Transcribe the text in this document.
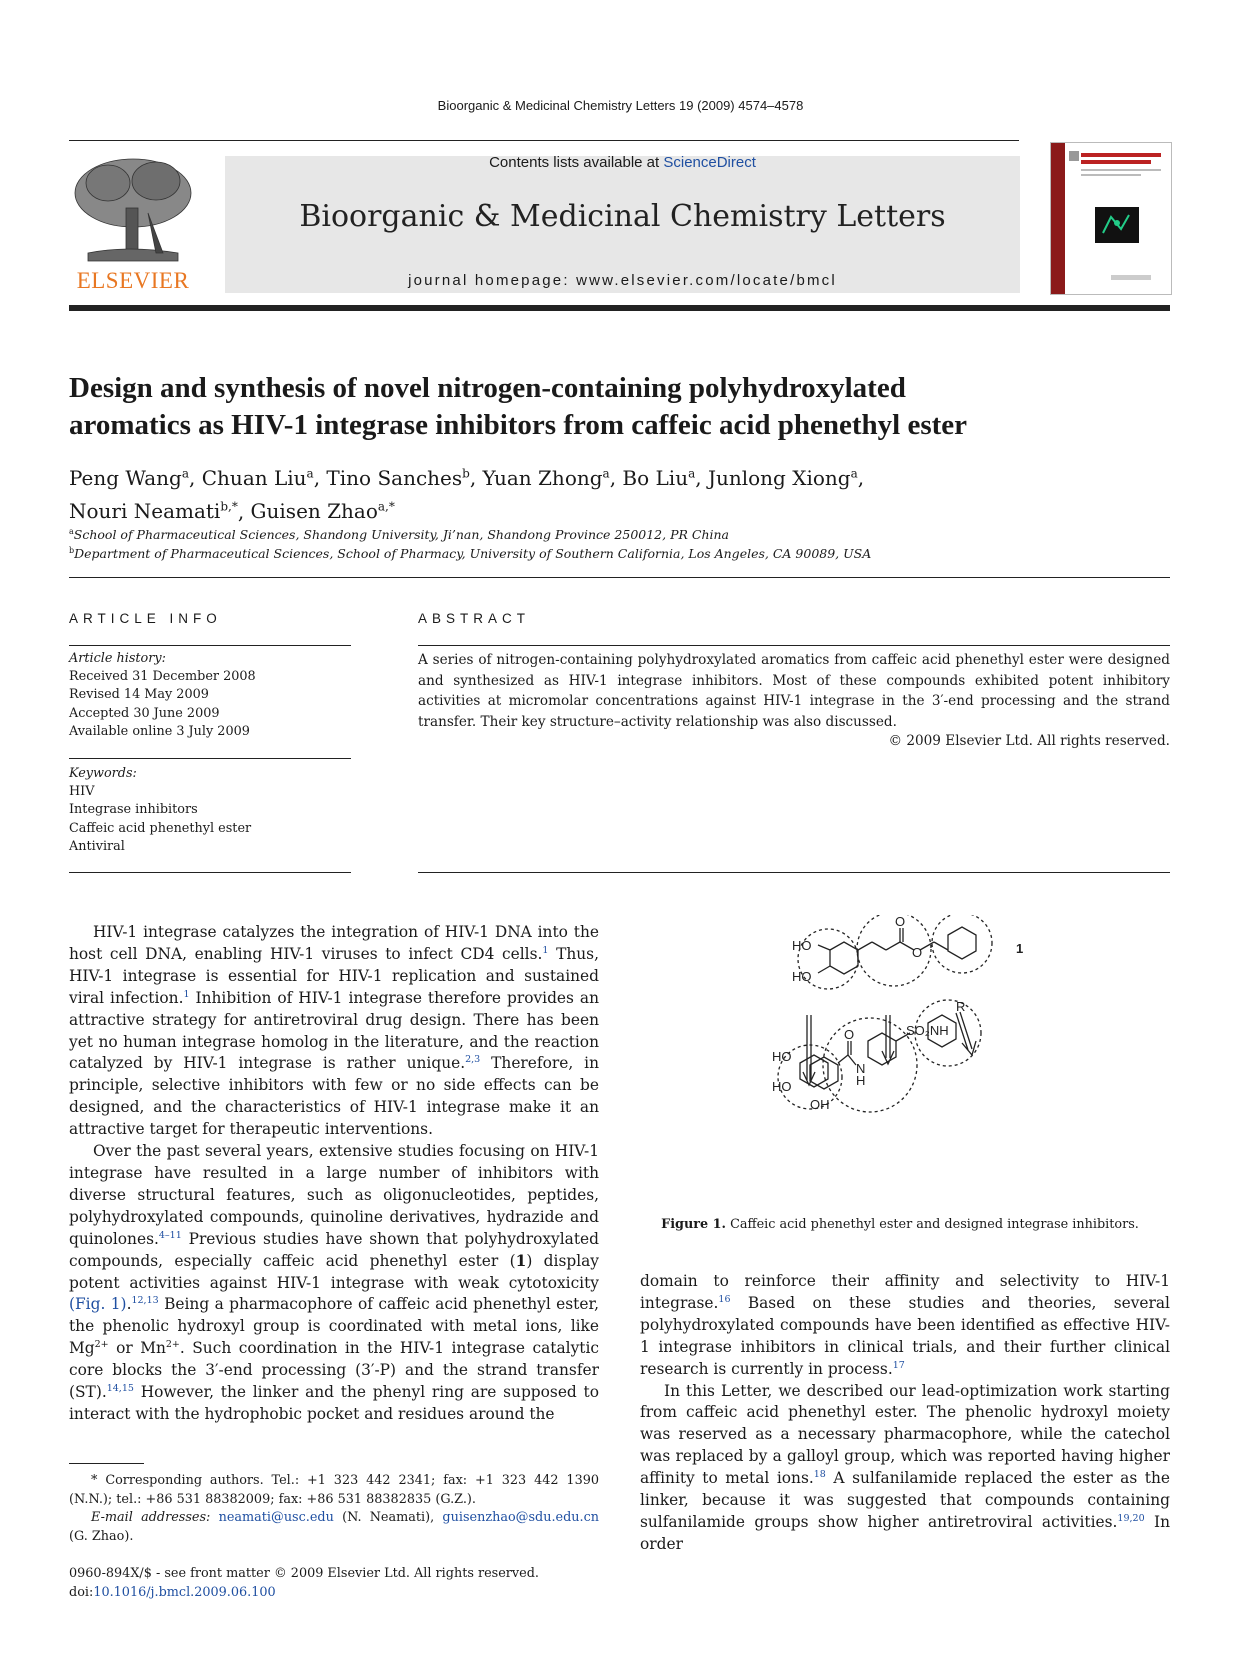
Bioorganic & Medicinal Chemistry Letters 19 (2009) 4574–4578
ELSEVIER
Contents lists available at ScienceDirect
Bioorganic & Medicinal Chemistry Letters
journal homepage: www.elsevier.com/locate/bmcl
Design and synthesis of novel nitrogen-containing polyhydroxylated
aromatics as HIV-1 integrase inhibitors from caffeic acid phenethyl ester
Peng Wang$^a$, Chuan Liu$^a$, Tino Sanches$^b$, Yuan Zhong$^a$, Bo Liu$^a$, Junlong Xiong$^a$,
Nouri Neamati$^{b,*}$, Guisen Zhao$^{a,*}$
$^a$School of Pharmaceutical Sciences, Shandong University, Ji’nan, Shandong Province 250012, PR China
$^b$Department of Pharmaceutical Sciences, School of Pharmacy, University of Southern California, Los Angeles, CA 90089, USA
ARTICLE INFO
Article history:
Received 31 December 2008
Revised 14 May 2009
Accepted 30 June 2009
Available online 3 July 2009
Keywords:
HIV
Integrase inhibitors
Caffeic acid phenethyl ester
Antiviral
ABSTRACT
A series of nitrogen-containing polyhydroxylated aromatics from caffeic acid phenethyl ester were designed and synthesized as HIV-1 integrase inhibitors. Most of these compounds exhibited potent inhibitory activities at micromolar concentrations against HIV-1 integrase in the 3′-end processing and the strand transfer. Their key structure–activity relationship was also discussed.
© 2009 Elsevier Ltd. All rights reserved.

HIV-1 integrase catalyzes the integration of HIV-1 DNA into the host cell DNA, enabling HIV-1 viruses to infect CD4 cells.$^1$ Thus, HIV-1 integrase is essential for HIV-1 replication and sustained viral infection.$^1$ Inhibition of HIV-1 integrase therefore provides an attractive strategy for antiretroviral drug design. There has been yet no human integrase homolog in the literature, and the reaction catalyzed by HIV-1 integrase is rather unique.$^{2,3}$ Therefore, in principle, selective inhibitors with few or no side effects can be designed, and the characteristics of HIV-1 integrase make it an attractive target for therapeutic interventions.

Over the past several years, extensive studies focusing on HIV-1 integrase have resulted in a large number of inhibitors with diverse structural features, such as oligonucleotides, peptides, polyhydroxylated compounds, quinoline derivatives, hydrazide and quinolones.$^{4-11}$ Previous studies have shown that polyhydroxylated compounds, especially caffeic acid phenethyl ester (1) display potent activities against HIV-1 integrase with weak cytotoxicity (Fig. 1).$^{12,13}$ Being a pharmacophore of caffeic acid phenethyl ester, the phenolic hydroxyl group is coordinated with metal ions, like $Mg^{2+}$ or $Mn^{2+}$. Such coordination in the HIV-1 integrase catalytic core blocks the 3′-end processing (3′-P) and the strand transfer (ST).$^{14,15}$ However, the linker and the phenyl ring are supposed to interact with the hydrophobic pocket and residues around the

HO
HO
O
O	1
HO
HO
OH
O
N
H
SO₂NH
R
Figure 1. Caffeic acid phenethyl ester and designed integrase inhibitors.

domain to reinforce their affinity and selectivity to HIV-1 integrase.$^{16}$ Based on these studies and theories, several polyhydroxylated compounds have been identified as effective HIV-1 integrase inhibitors in clinical trials, and their further clinical research is currently in process.$^{17}$

In this Letter, we described our lead-optimization work starting from caffeic acid phenethyl ester. The phenolic hydroxyl moiety was reserved as a necessary pharmacophore, while the catechol was replaced by a galloyl group, which was reported having higher affinity to metal ions.$^{18}$ A sulfanilamide replaced the ester as the linker, because it was suggested that compounds containing sulfanilamide groups show higher antiretroviral activities.$^{19,20}$ In order

* Corresponding authors. Tel.: +1 323 442 2341; fax: +1 323 442 1390 (N.N.); tel.: +86 531 88382009; fax: +86 531 88382835 (G.Z.).
E-mail addresses: neamati@usc.edu (N. Neamati), guisenzhao@sdu.edu.cn (G. Zhao).
0960-894X/$ - see front matter © 2009 Elsevier Ltd. All rights reserved.
doi:10.1016/j.bmcl.2009.06.100
